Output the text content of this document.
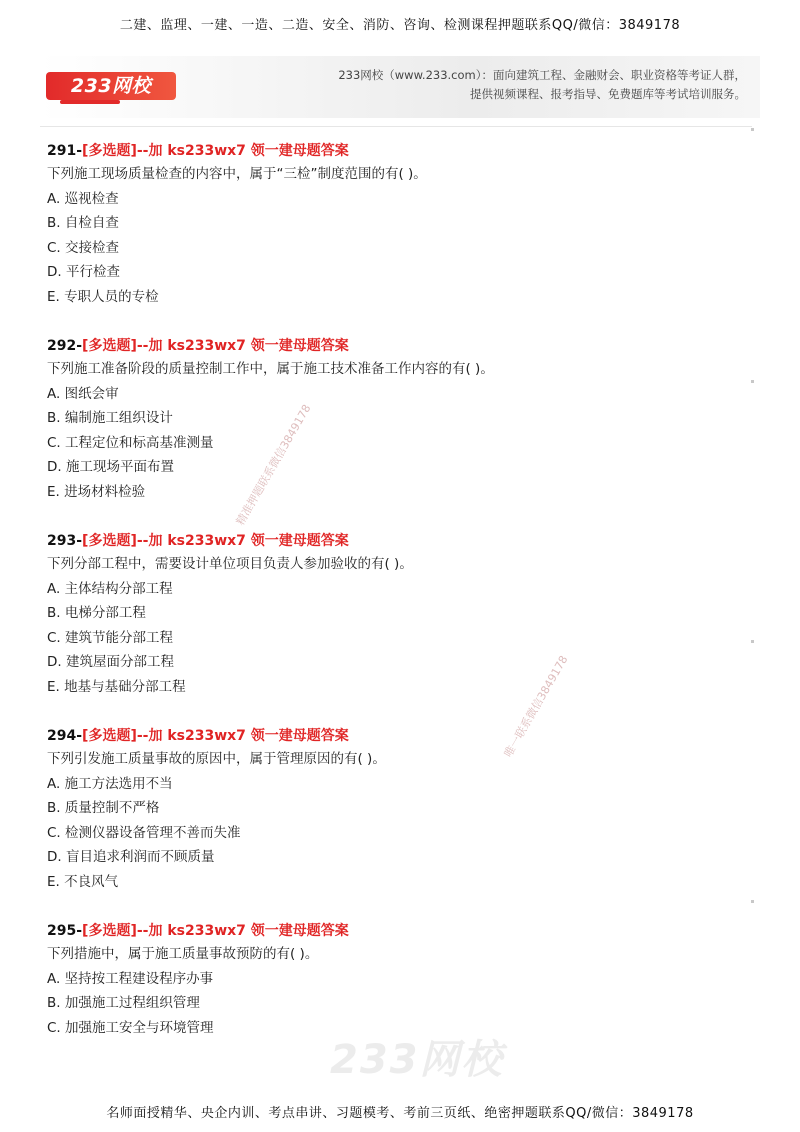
二建、监理、一建、一造、二造、安全、消防、咨询、检测课程押题联系QQ/微信：3849178
233网校	233网校（www.233.com）：面向建筑工程、金融财会、职业资格等考证人群，
提供视频课程、报考指导、免费题库等考试培训服务。
291-[多选题]--加 ks233wx7 领一建母题答案
下列施工现场质量检查的内容中，属于“三检”制度范围的有( )。
A. 巡视检查
B. 自检自查
C. 交接检查
D. 平行检查
E. 专职人员的专检
292-[多选题]--加 ks233wx7 领一建母题答案
下列施工准备阶段的质量控制工作中，属于施工技术准备工作内容的有( )。
A. 图纸会审
B. 编制施工组织设计
C. 工程定位和标高基准测量
D. 施工现场平面布置
E. 进场材料检验
293-[多选题]--加 ks233wx7 领一建母题答案
下列分部工程中，需要设计单位项目负责人参加验收的有( )。
A. 主体结构分部工程
B. 电梯分部工程
C. 建筑节能分部工程
D. 建筑屋面分部工程
E. 地基与基础分部工程
294-[多选题]--加 ks233wx7 领一建母题答案
下列引发施工质量事故的原因中，属于管理原因的有( )。
A. 施工方法选用不当
B. 质量控制不严格
C. 检测仪器设备管理不善而失准
D. 盲目追求利润而不顾质量
E. 不良风气
295-[多选题]--加 ks233wx7 领一建母题答案
下列措施中，属于施工质量事故预防的有( )。
A. 坚持按工程建设程序办事
B. 加强施工过程组织管理
C. 加强施工安全与环境管理
精准押题联系微信3849178
唯一联系微信3849178
233网校
名师面授精华、央企内训、考点串讲、习题模考、考前三页纸、绝密押题联系QQ/微信：3849178
